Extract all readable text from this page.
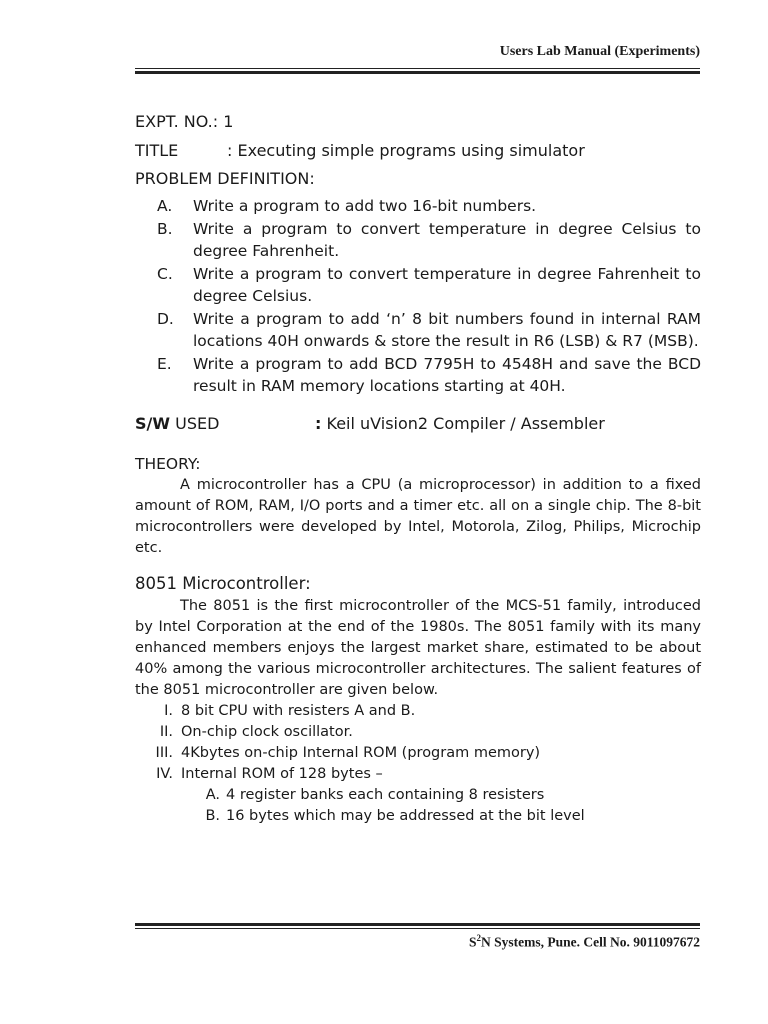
Users Lab Manual (Experiments)
EXPT. NO.: 1
TITLE	: Executing simple programs using simulator
PROBLEM DEFINITION:
A.	Write a program to add two 16-bit numbers.
B.	Write a program to convert temperature in degree Celsius to degree Fahrenheit.
C.	Write a program to convert temperature in degree Fahrenheit to degree Celsius.
D.	Write a program to add ‘n’ 8 bit numbers found in internal RAM locations 40H onwards & store the result in R6 (LSB) & R7 (MSB).
E.	Write a program to add BCD 7795H to 4548H and save the BCD result in RAM memory locations starting at 40H.
S/W USED	: Keil uVision2 Compiler / Assembler
THEORY:

A microcontroller has a CPU (a microprocessor) in addition to a fixed amount of ROM, RAM, I/O ports and a timer etc. all on a single chip. The 8-bit microcontrollers were developed by Intel, Motorola, Zilog, Philips, Microchip etc.

8051 Microcontroller:

The 8051 is the first microcontroller of the MCS-51 family, introduced by Intel Corporation at the end of the 1980s. The 8051 family with its many enhanced members enjoys the largest market share, estimated to be about 40% among the various microcontroller architectures. The salient features of the 8051 microcontroller are given below.

I. 8 bit CPU with resisters A and B.
II. On-chip clock oscillator.
III. 4Kbytes on-chip Internal ROM (program memory)
IV. Internal ROM of 128 bytes –
A. 4 register banks each containing 8 resisters
B. 16 bytes which may be addressed at the bit level
$S^2N$ Systems, Pune. Cell No. 9011097672
